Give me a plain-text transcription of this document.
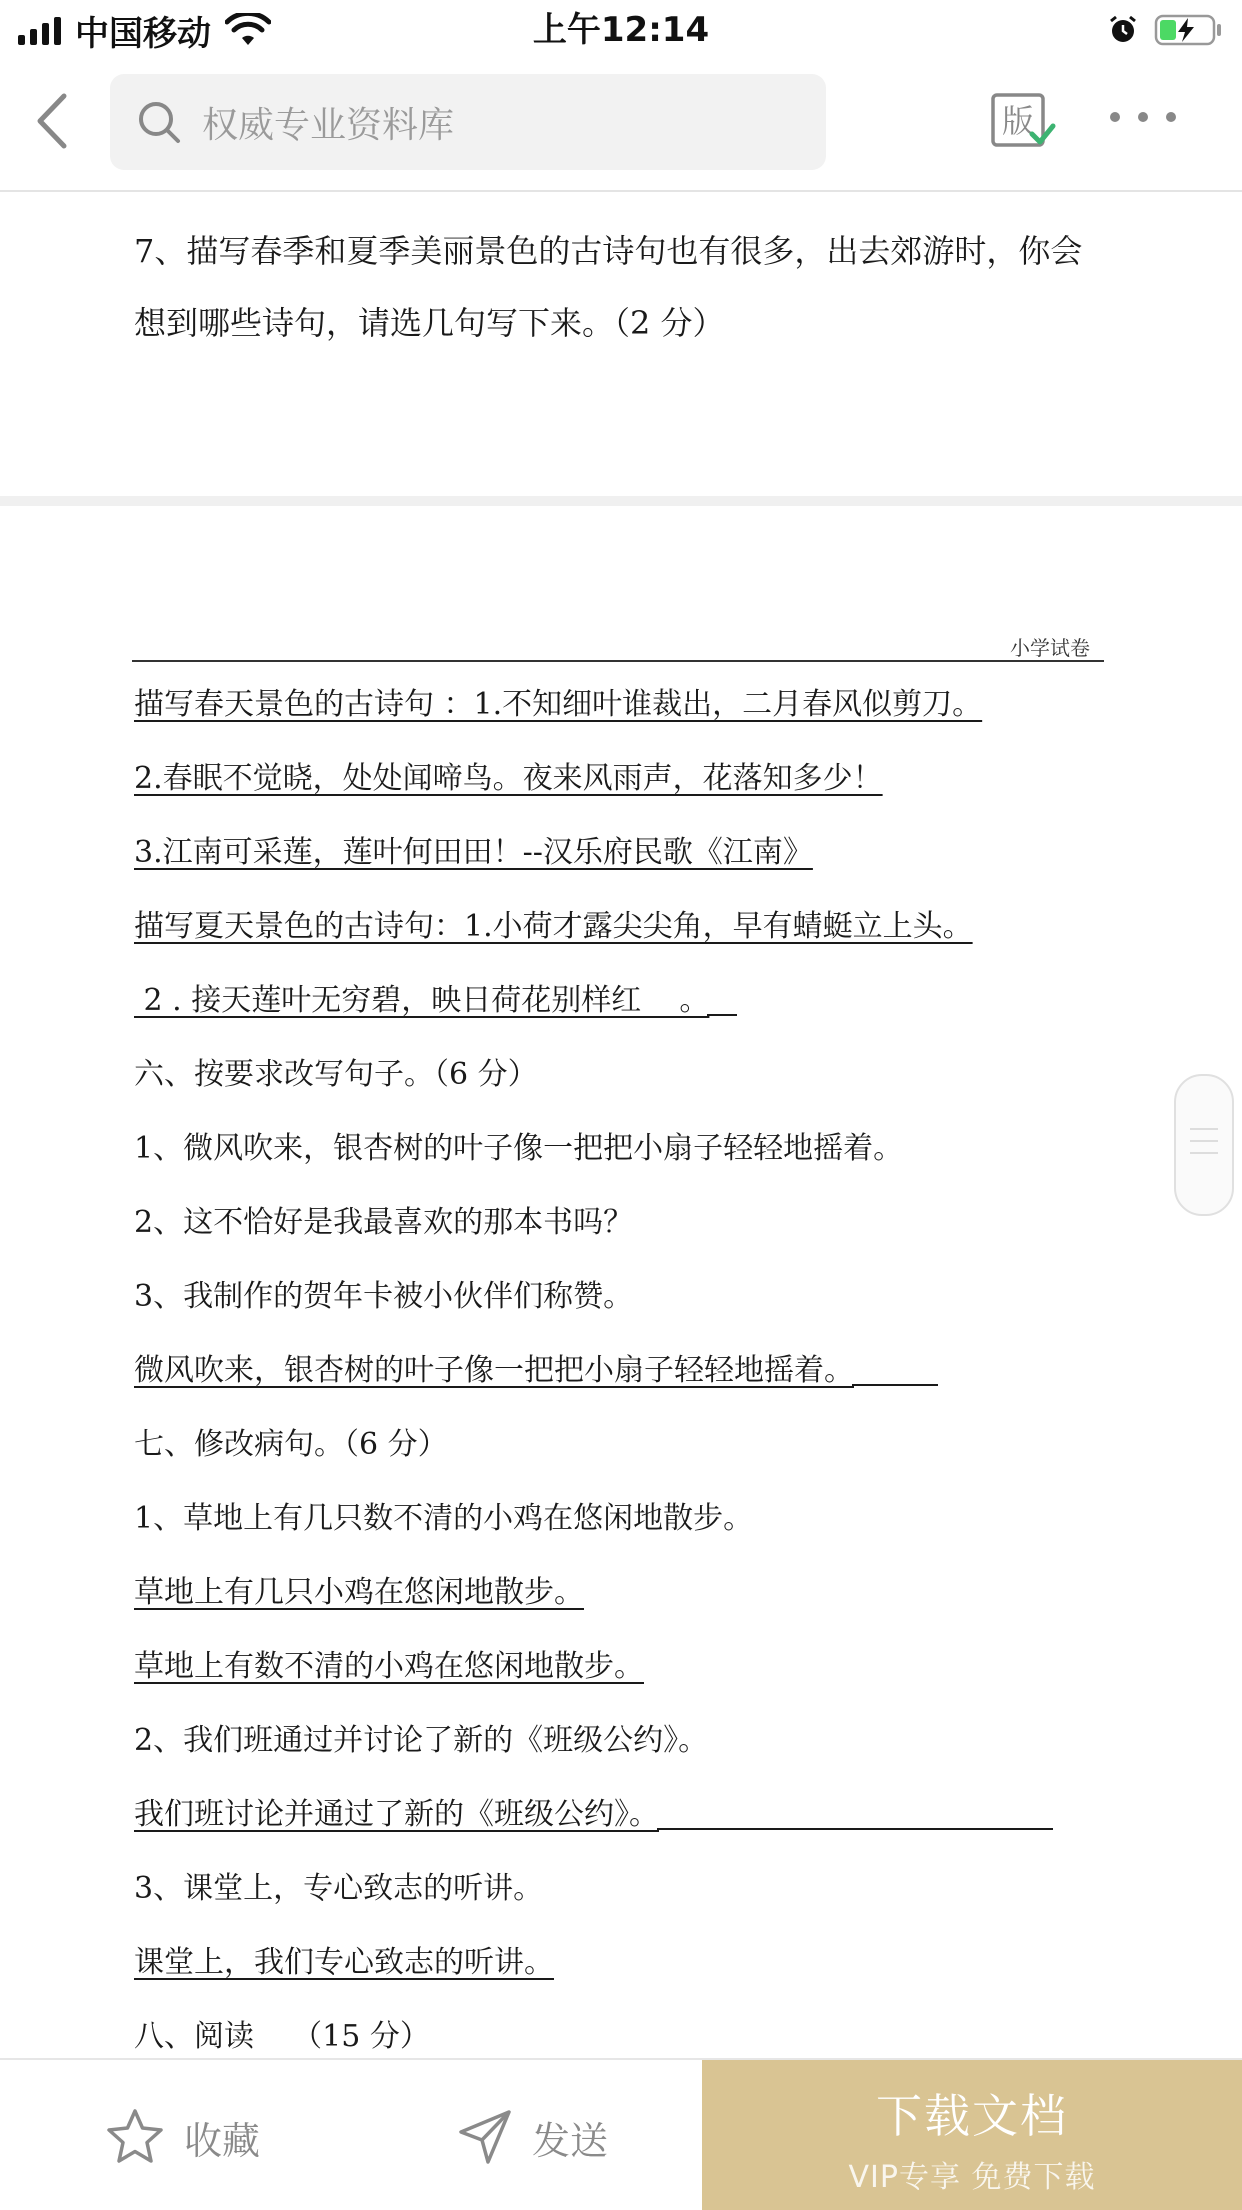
中国移动	上午12:14
权威专业资料库	版
7、描写春季和夏季美丽景色的古诗句也有很多，出去郊游时，你会
想到哪些诗句，请选几句写下来。（2 分）
小学试卷
描写春天景色的古诗句 ：1.不知细叶谁裁出，二月春风似剪刀。
2.春眠不觉晓，处处闻啼鸟。夜来风雨声，花落知多少！
3.江南可采莲，莲叶何田田！--汉乐府民歌《江南》
描写夏天景色的古诗句：1.小荷才露尖尖角，早有蜻蜓立上头。
2 . 接天莲叶无穷碧，映日荷花别样红    。
六、按要求改写句子。（6 分）
1、微风吹来，银杏树的叶子像一把把小扇子轻轻地摇着。
2、这不恰好是我最喜欢的那本书吗？
3、我制作的贺年卡被小伙伴们称赞。
微风吹来，银杏树的叶子像一把把小扇子轻轻地摇着。
七、修改病句。（6 分）
1、草地上有几只数不清的小鸡在悠闲地散步。
草地上有几只小鸡在悠闲地散步。
草地上有数不清的小鸡在悠闲地散步。
2、我们班通过并讨论了新的《班级公约》。
我们班讨论并通过了新的《班级公约》。
3、课堂上，专心致志的听讲。
课堂上，我们专心致志的听讲。
八、阅读    （15 分）
收藏	发送	下载文档
VIP专享 免费下载
